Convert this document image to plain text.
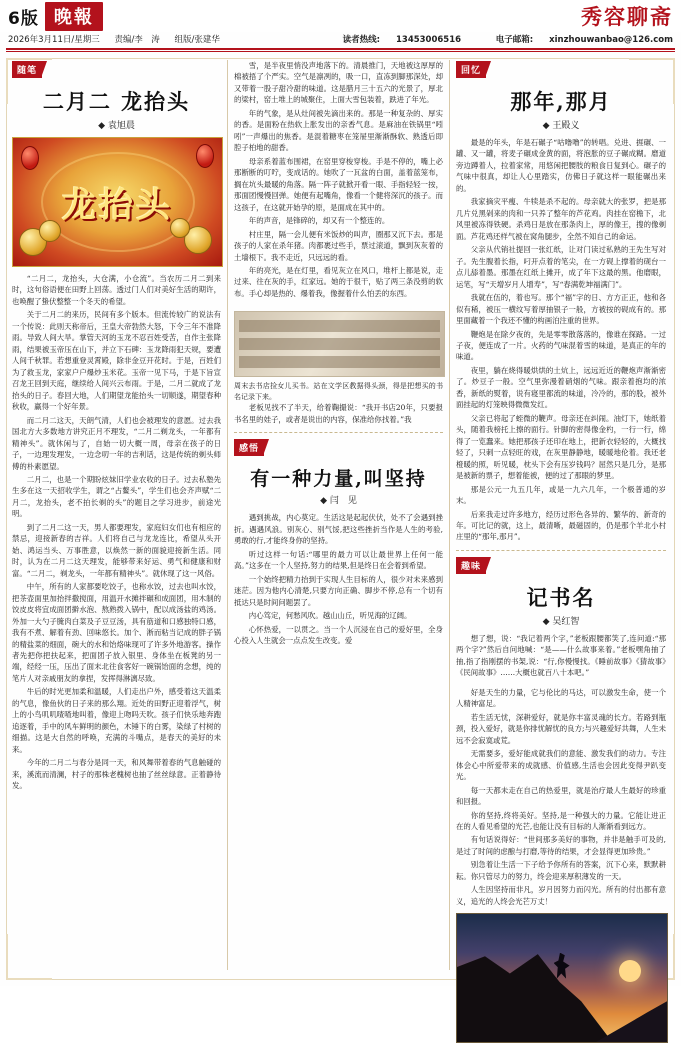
6版 晚報	秀容聊斋
2026年3月11日/星期三 责编/李　涛 组版/张建华	读者热线: 13453006516	电子邮箱: xinzhouwanbao@126.com
随笔
二月二 龙抬头
◆ 袁旭晨
龙抬头

“二月二，龙抬头，大仓满，小仓流”。当农历二月二到来时，这句俗语便在田野上回荡。透过门人们对美好生活的期许，也唤醒了蛰伏整整一个冬天的希望。

关于二月二的来历，民间有多个版本。但流传较广的说法有一个传说：此则天称帝后，王皇大帝勃然大怒，下令三年不准降雨。导致人间大旱。掌管天河的玉龙不忍百姓受苦，自作主张降雨，结果被玉帝压在山下，并立下石碑：玉龙降雨犯天规，要遭人间千秋罪。若想重登灵霄殿，除非金豆开花时。于是，百姓们为了救玉龙，家家户户爆炒玉米花。玉帝一见下马，于是下旨宣召龙王回到天庭，继续给人间兴云布雨。于是，二月二就成了龙抬头的日子。春回大地，人们期望龙能抬头一切顺遂，期望春种秋收，赢得一个好年景。

而二月二这天，天朗气清，人们也会被理发的意愿。过去我国北方大多数地方讲究正月不理发，“二月二剃龙头，一年都有精神头”。就休闲与了，自始一切大概一周，母亲在孩子的日子，一边理发理发，一边念叨一年的吉利话，这是传统的剃头师傅的朴素愿望。

二月二，也是一个期盼炫妹旧学业农收的日子。过去私塾先生多在这一天招收学生，谓之“占鳌头”，学生们也会齐声赋“二月二，龙抬头，老不拍长剃的头”的题目之学习进步，前途光明。

到了二月二这一天，男人都要理发，家庭妇女们也有相应的禁忌，迎接新春的吉祥。人们将自己与龙龙连比，希望从头开始、鸿运当头、万事胜意，以焕然一新的面貌迎接新生活。同时，认为在二月二这天理发，能够带来好运、勇气和健康和财富。“二月二，剃龙头，一年都有精神头”。就休现了这一风俗。

中午，所有的人家都要吃饺子，也称水饺，过去也叫水饺，把茶壶面里加抬拌撒搅面，用温开水摊拌碾和成面团，用木制的饺皮皮将宜成面团擀水泡、熬熟拨入锅中，配以成汤盐的鸡汤。外加一大勺子腌肉白菜及子豆豆汤，具有筋道和口感独特口感，我有不煮、解着有劲、回味悠长。加个、淅而粘当记成的胖子锅的精盐菜的细面，碗大的水和饴烙味现可了许多外地游客。操作者先把你把扶起来，把面团子放入银里、身体坐在板凳的另一端，经经一压，压出了面末北往食客好一碗锅饴面的念想，纯的笔片人对亲戚朋友的拿捏，发挥得淋漓尽致。

牛后的时光更加柔和温暖，人们走出户外，感受着这天温柔的气息，像鱼伙的日子来的那么翔。近处的田野正迎着浮气，树上的小鸟叽叽喳喳地叫着，像迎上吻吗天吹。孩子们快乐地奔跑追逐着，手中的风车鲜明的颜色，木锤下的白雾，染绿了村树的细描。这是大自然的呼唤，充满的斗嘴点，是春天的美好的未来。

今年的二月二与春分是同一天，和风舞带着春的气息触碰的来，溪流而清澜，村子的那株老槐树也抽了丝丝绿意。正着静待发。

雪，是半夜里悄没声地落下的。清晨推门，天地被这厚厚的棉被捂了个严实。空气是凛冽的，吸一口，直冻到脚那深处，却又带着一股子甜冷甜的味道。这是腊月三十五六的光景了，厚北的梁村，窑土堆上的城聚住，上面大雪包装着，跌进了年光。

年的气象，是从灶间被先滴出来的。那是一种复杂的、厚实的香。是面粉在热软上胀发出的亲香气息。是麻油在铁锅里“吲吲”一声爆出的焦香。是混着糖枣在笼屉里渐渐酥软、熟透后即腔子柏地的甜香。

母亲系着蓝布围裙，在窑里穿梭穿梭。手是不停的，嘴上必那断断的叮咛，变成话的。她吹了一瓦盆的白面，盖着蓝笼布，搁在坑头最暖的角落。隔一阵子就掀开看一眼、手指轻轻一按，那面团慢慢回弹。她便有起嘴角，像看一个健将深沉的孩子。而这孩子，在这就开始孕的原，是面成在其中的。

年的声音，是锋碎的，却又有一个整连的。

村庄里，隔一会儿便有米饭炒的叫声，圈那又沉下去。那是孩子的人家在杀年猪。肉都裹过些手，票过滚道，飘到灰灰着的土墙根下。我不走近，只远远的看。

年的亮光，是在灯里，看见灰立在风口，堆杆上都是说，走过来、往在灰的手，红家远。她的于很干，贴了两三条没剪的软布。手心却是热的、爆着我，像握着什么怕丢的东西。

周末去书店捡女儿买书。站在文学区教据得头颈，得是把想买的书名记录下来。

老板见找不了半天，给着鞠撮说：“我开书店20年，只要报书名里的娃子，或者是说出的内容，保准给你找着。”我

感悟
有一种力量,叫坚持
◆ 闫　见

遇到挑战，内心莫定。生活这是起起伏伏，处不了会遇到挫折。遇遇风浪。别灰心、别气馁,把这些挫折当作是人生的考验,勇敢的行,才能终身你的坚持。

听过这样一句话:“哪里的最力可以让最世界上任何一能高。”这多在一个人坚持,努力的结果,但是终日在会着到希望。

一个始终把精力抬到于实现人生目标的人，很少对未来感到迷茫。因为他内心清楚,只要方向正确、脚步不停,总有一个切有抵达只是时间问题罢了。

内心笃定，何愁风吹。越山山丘，听见海的辽阔。

心怀热爱，一以贯之。当一个人沉浸在自己的爱好里，全身心投入人生就会一点点发生改变。爱

回忆
那年,那月
◆ 王殿义

最是的年头，年是石碾子“咕噜噜”的转唱。兑进、捱碾、一罐、又一罐，将麦子碾成金黄的面，将泡胀的豆子碾成糊。磨道旁边蹲着人，拉着家常，用悠闲把腰肢的粮食日复到心。碾子的气味中很真，却让人心里踏实，仿佛日子就这样一眼能碾出来的。

我家摘灾平瘦、牛犊是杀不起的。母亲就大的张罗，把是那几片兑黑剁来的肉和一只养了整年的芦花鸡。肉挂在窑檐下，北风里被冻得铁硬。杀鸡日是放在那条肉上，厚的像王，搜的像剃面。芦花鸡还样气被在窝角腿步，全然不知自己的命运。

父亲从代销社提回一张红纸，让对门读过私熟的王先生写对子。先生腹着长指，叼开点着的笔尖，在一方砚上撑着的砚台一点儿舔着墨。那墨在红纸上摊开，成了年下这最的黑。他磨眼，运笔，写“天增岁月人增寿”，写“春满乾坤福满门”。

我就在伍的，着也写。那个“福”字的日、方方正正，他和各似有稀，被压一横纹写着厚抽银子一般，方被按的砚成有的。那里面藏着一个我还不懂的构画泊注重的世界。

鞭炮是在除夕夜的，先是零零散落落的，像谁在探路。一过子夜，便连成了一片。火药的气味混着雪的味道，是真正的年的味道。

夜里，躺在烧得暖烘烘的土炕上，远远近近的鞭炮声渐渐密了。炒豆子一般。空气里弥漫着硝烟的气味。跟亲着抱均的浓香，新纸的熨着，说有寝里都流的味道，冷冷的，那的股，被外面挂起的灯笼映得微微发红。

父亲已将起了蛭微的鞭声。母亲还在纠闹。油灯下，她纸着头，随着我榜托上擦的面行。针脚的密得像金杓，一行一行，绵得了一览蠢来。她把那孩子还印在地上，把新衣轻轻的，大概找轻了，只刺一点轻旺的戏，在灰里静静地，暖暖地伦着。我还老橙暖的照，听见暖，枕头下会有压岁钱吗？屈然只是几分，是那是被新的票子，想着能被，便的过了那眼的梦里。

那是公元一九五几年，或是一九六几年，一个极普通的岁末。

后来我走过许多地方，经历过形色各异的、繁华的、新奇的年。可比记的就，这上，最清晰，最磁固的，仍是那个羊北小村庄里的“那年,那月”。

趣味
记书名
◆ 吴红智

想了想，说：“我记着两个字，”老板跟腰都笑了,连问道:“那两个字?”然后自问地喊：“是——什么故事来着。”老板嘿角抽了抽,指了指刚摆的书架,说：“行,你慢慢找。《睡前故事》《猜故事》《民间故事》……大概也就百八十本吧。”

好是天生的力量，它与伦比的马达，可以激发生命，使一个人精神富足。

若生活无忧，深耕爱好，就是你丰富灵魂的长方。若路到瓶颈，投入爱好，就是你排忧解忧的良方;与兴趣爱好共舞，人生未远不会寂寞或荒。

无需要多，爱好能成就我们的意能、激发我们的动力。专注体会心中所爱带来的成就感、价值感,生活也会因此变得尹趴变光。

每一天都未走在自己的热爱里，就是治疗最人生最好的珍重和回报。

你的坚持,终将美好。坚持,是一种强大的力量。它能让进正在的人看见希望的光芒,也能让没有目标的人渐渐看到远方。

有句话说得好：“世间那多美好的事物，并非是触手可及的,是过了时间的虑酿与打磨,等待的结果，才会显得更加珍贵。”

别急着让生活一下子给予你所有的答案，沉下心来，默默耕耘。你只管尽力的努力，终会迎来厚积薄发的一天。

人生因坚持而非凡，岁月因努力而闪光。所有的付出都有意义，追光的人终会光芒万丈！
